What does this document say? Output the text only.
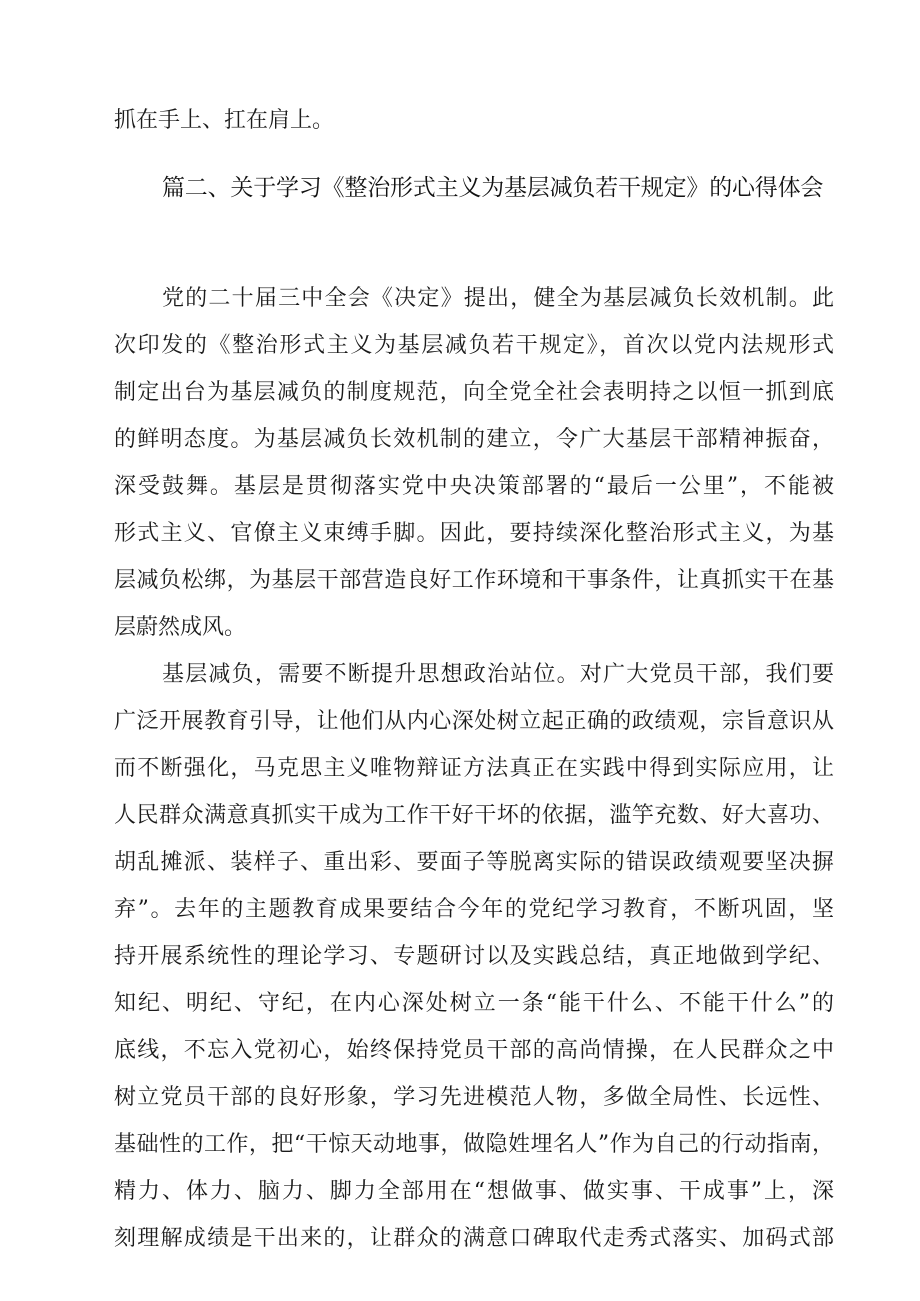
抓在手上、扛在肩上。
篇二、关于学习《整治形式主义为基层减负若干规定》的心得体会
党的二十届三中全会《决定》提出，健全为基层减负长效机制。此
次印发的《整治形式主义为基层减负若干规定》，首次以党内法规形式
制定出台为基层减负的制度规范，向全党全社会表明持之以恒一抓到底
的鲜明态度。为基层减负长效机制的建立，令广大基层干部精神振奋，
深受鼓舞。基层是贯彻落实党中央决策部署的“最后一公里”，不能被
形式主义、官僚主义束缚手脚。因此，要持续深化整治形式主义，为基
层减负松绑，为基层干部营造良好工作环境和干事条件，让真抓实干在基
层蔚然成风。
基层减负，需要不断提升思想政治站位。对广大党员干部，我们要
广泛开展教育引导，让他们从内心深处树立起正确的政绩观，宗旨意识从
而不断强化，马克思主义唯物辩证方法真正在实践中得到实际应用，让
人民群众满意真抓实干成为工作干好干坏的依据，滥竽充数、好大喜功、
胡乱摊派、装样子、重出彩、要面子等脱离实际的错误政绩观要坚决摒
弃”。去年的主题教育成果要结合今年的党纪学习教育，不断巩固，坚
持开展系统性的理论学习、专题研讨以及实践总结，真正地做到学纪、
知纪、明纪、守纪，在内心深处树立一条“能干什么、不能干什么”的
底线，不忘入党初心，始终保持党员干部的高尚情操，在人民群众之中
树立党员干部的良好形象，学习先进模范人物，多做全局性、长远性、
基础性的工作，把“干惊天动地事，做隐姓埋名人”作为自己的行动指南，
精力、体力、脑力、脚力全部用在“想做事、做实事、干成事”上，深
刻理解成绩是干出来的，让群众的满意口碑取代走秀式落实、加码式部
